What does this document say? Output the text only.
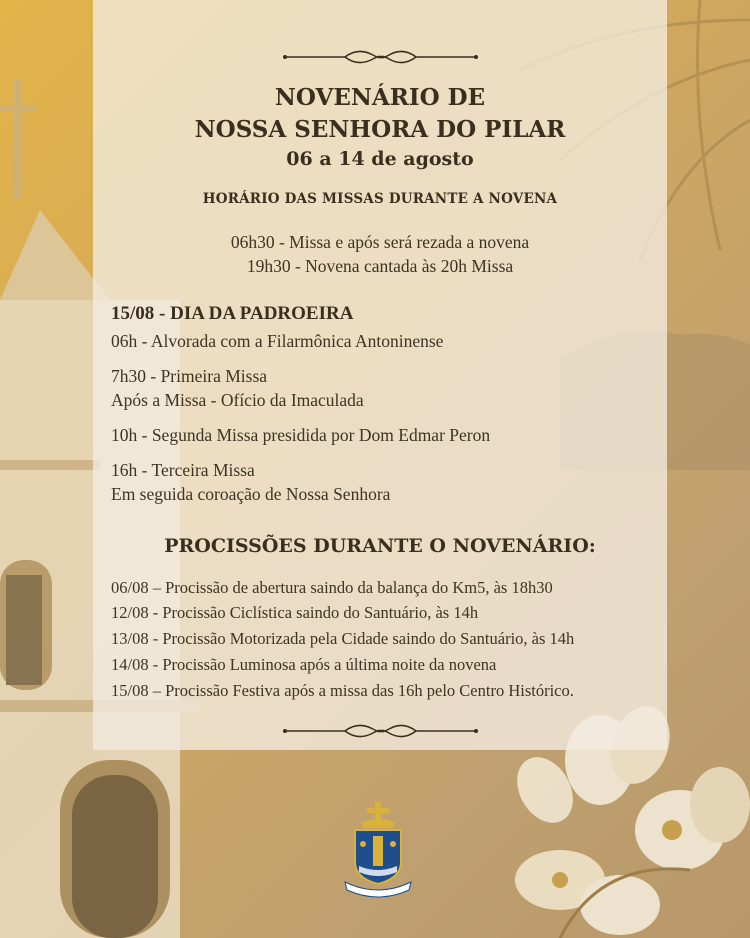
NOVENÁRIO DE
NOSSA SENHORA DO PILAR
06 a 14 de agosto
HORÁRIO DAS MISSAS DURANTE A NOVENA
06h30 - Missa e após será rezada a novena
19h30 - Novena cantada às 20h Missa
15/08 - DIA DA PADROEIRA
06h - Alvorada com a Filarmônica Antoninense
7h30 - Primeira Missa
Após a Missa - Ofício da Imaculada
10h - Segunda Missa presidida por Dom Edmar Peron
16h - Terceira Missa
Em seguida coroação de Nossa Senhora
PROCISSÕES DURANTE O NOVENÁRIO:
06/08 – Procissão de abertura saindo da balança do Km5, às 18h30
12/08 - Procissão Ciclística saindo do Santuário, às 14h
13/08 - Procissão Motorizada pela Cidade saindo do Santuário, às 14h
14/08 - Procissão Luminosa após a última noite da novena
15/08 – Procissão Festiva após a missa das 16h pelo Centro Histórico.
